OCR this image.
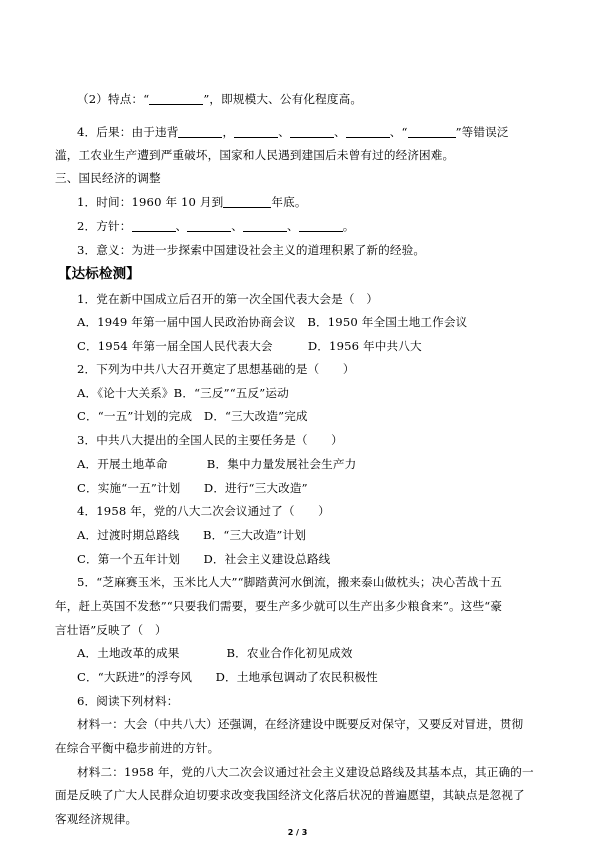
（2）特点：“	”，即规模大、公有化程度高。
4．后果：由于违背	，	、	、	、“	”等错误泛
滥，工农业生产遭到严重破坏，国家和人民遇到建国后未曾有过的经济困难。
三、国民经济的调整
1．时间：1960 年 10 月到	年底。
2．方针：	、	、	、	。
3．意义：为进一步探索中国建设社会主义的道理积累了新的经验。
【达标检测】
1．党在新中国成立后召开的第一次全国代表大会是（　）
A．1949 年第一届中国人民政治协商会议　B．1950 年全国土地工作会议
C．1954 年第一届全国人民代表大会　　　D．1956 年中共八大
2．下列为中共八大召开奠定了思想基础的是（　　）
A．《论十大关系》B．“三反”“五反”运动
C．“一五”计划的完成　D．“三大改造”完成
3．中共八大提出的全国人民的主要任务是（　　）
A．开展土地革命　　　 B．集中力量发展社会生产力
C．实施“一五”计划　　D．进行“三大改造”
4．1958 年，党的八大二次会议通过了（　　）
A．过渡时期总路线　　B．“三大改造”计划
C．第一个五年计划　　D．社会主义建设总路线
5．“芝麻赛玉米，玉米比人大”“脚踏黄河水倒流，搬来泰山做枕头；决心苦战十五
年，赶上英国不发愁”“只要我们需要，要生产多少就可以生产出多少粮食来”。这些“豪
言壮语”反映了（　）
A．土地改革的成果　　　　B．农业合作化初见成效
C．“大跃进”的浮夸风　　D．土地承包调动了农民积极性
6．阅读下列材料：
材料一：大会（中共八大）还强调，在经济建设中既要反对保守，又要反对冒进，贯彻
在综合平衡中稳步前进的方针。
材料二：1958 年，党的八大二次会议通过社会主义建设总路线及其基本点，其正确的一
面是反映了广大人民群众迫切要求改变我国经济文化落后状况的普遍愿望，其缺点是忽视了
客观经济规律。
2 / 3
